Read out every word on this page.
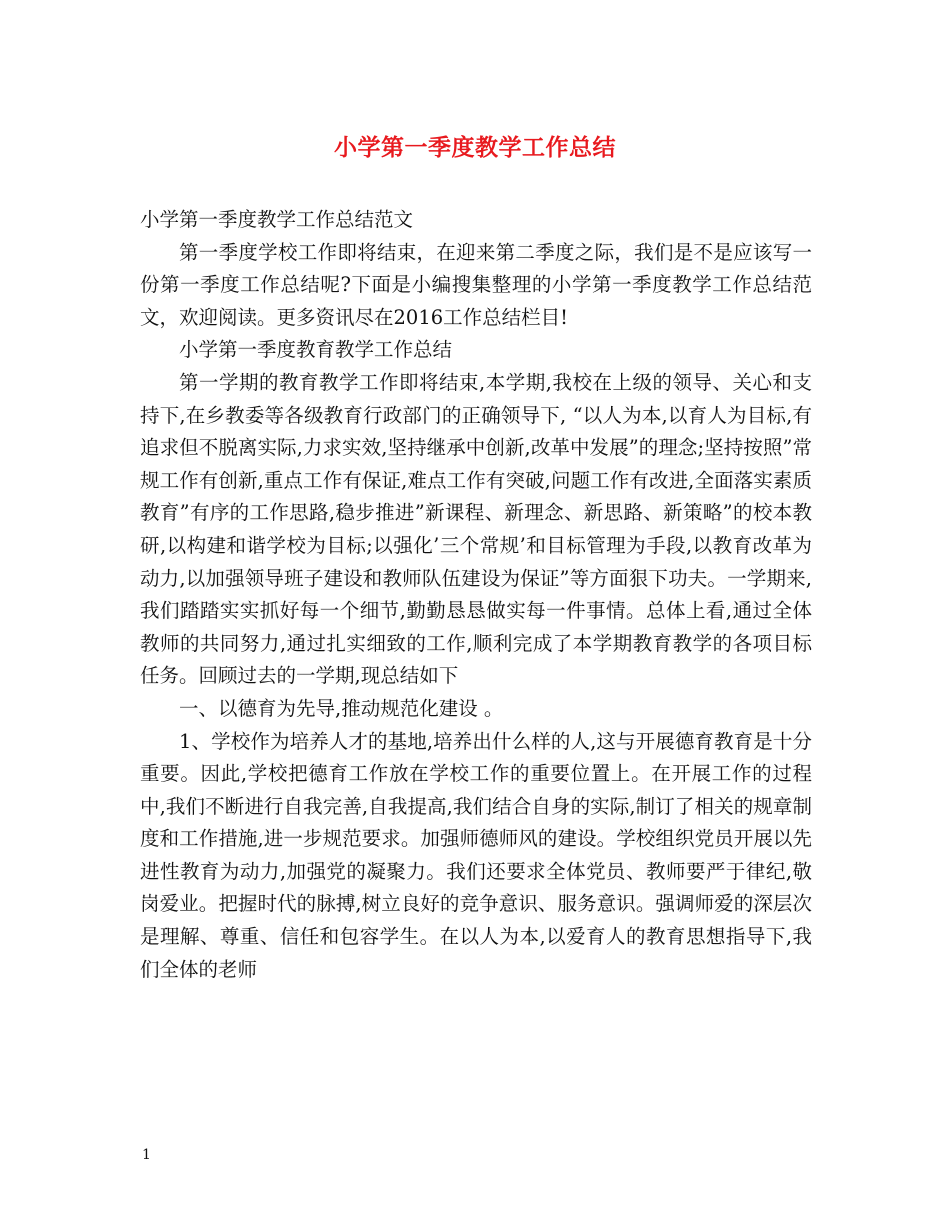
小学第一季度教学工作总结

小学第一季度教学工作总结范文

第一季度学校工作即将结束，在迎来第二季度之际，我们是不是应该写一份第一季度工作总结呢?下面是小编搜集整理的小学第一季度教学工作总结范文，欢迎阅读。更多资讯尽在2016工作总结栏目!

小学第一季度教育教学工作总结

第一学期的教育教学工作即将结束,本学期,我校在上级的领导、关心和支持下,在乡教委等各级教育行政部门的正确领导下, “以人为本,以育人为目标,有追求但不脱离实际,力求实效,坚持继承中创新,改革中发展”的理念;坚持按照”常规工作有创新,重点工作有保证,难点工作有突破,问题工作有改进,全面落实素质教育”有序的工作思路,稳步推进”新课程、新理念、新思路、新策略”的校本教研,以构建和谐学校为目标;以强化’三个常规’和目标管理为手段,以教育改革为动力,以加强领导班子建设和教师队伍建设为保证”等方面狠下功夫。一学期来,我们踏踏实实抓好每一个细节,勤勤恳恳做实每一件事情。总体上看,通过全体教师的共同努力,通过扎实细致的工作,顺利完成了本学期教育教学的各项目标任务。回顾过去的一学期,现总结如下

一、以德育为先导,推动规范化建设 。

1、学校作为培养人才的基地,培养出什么样的人,这与开展德育教育是十分重要。因此,学校把德育工作放在学校工作的重要位置上。在开展工作的过程中,我们不断进行自我完善,自我提高,我们结合自身的实际,制订了相关的规章制度和工作措施,进一步规范要求。加强师德师风的建设。学校组织党员开展以先进性教育为动力,加强党的凝聚力。我们还要求全体党员、教师要严于律纪,敬岗爱业。把握时代的脉搏,树立良好的竞争意识、服务意识。强调师爱的深层次是理解、尊重、信任和包容学生。在以人为本,以爱育人的教育思想指导下,我们全体的老师

1
